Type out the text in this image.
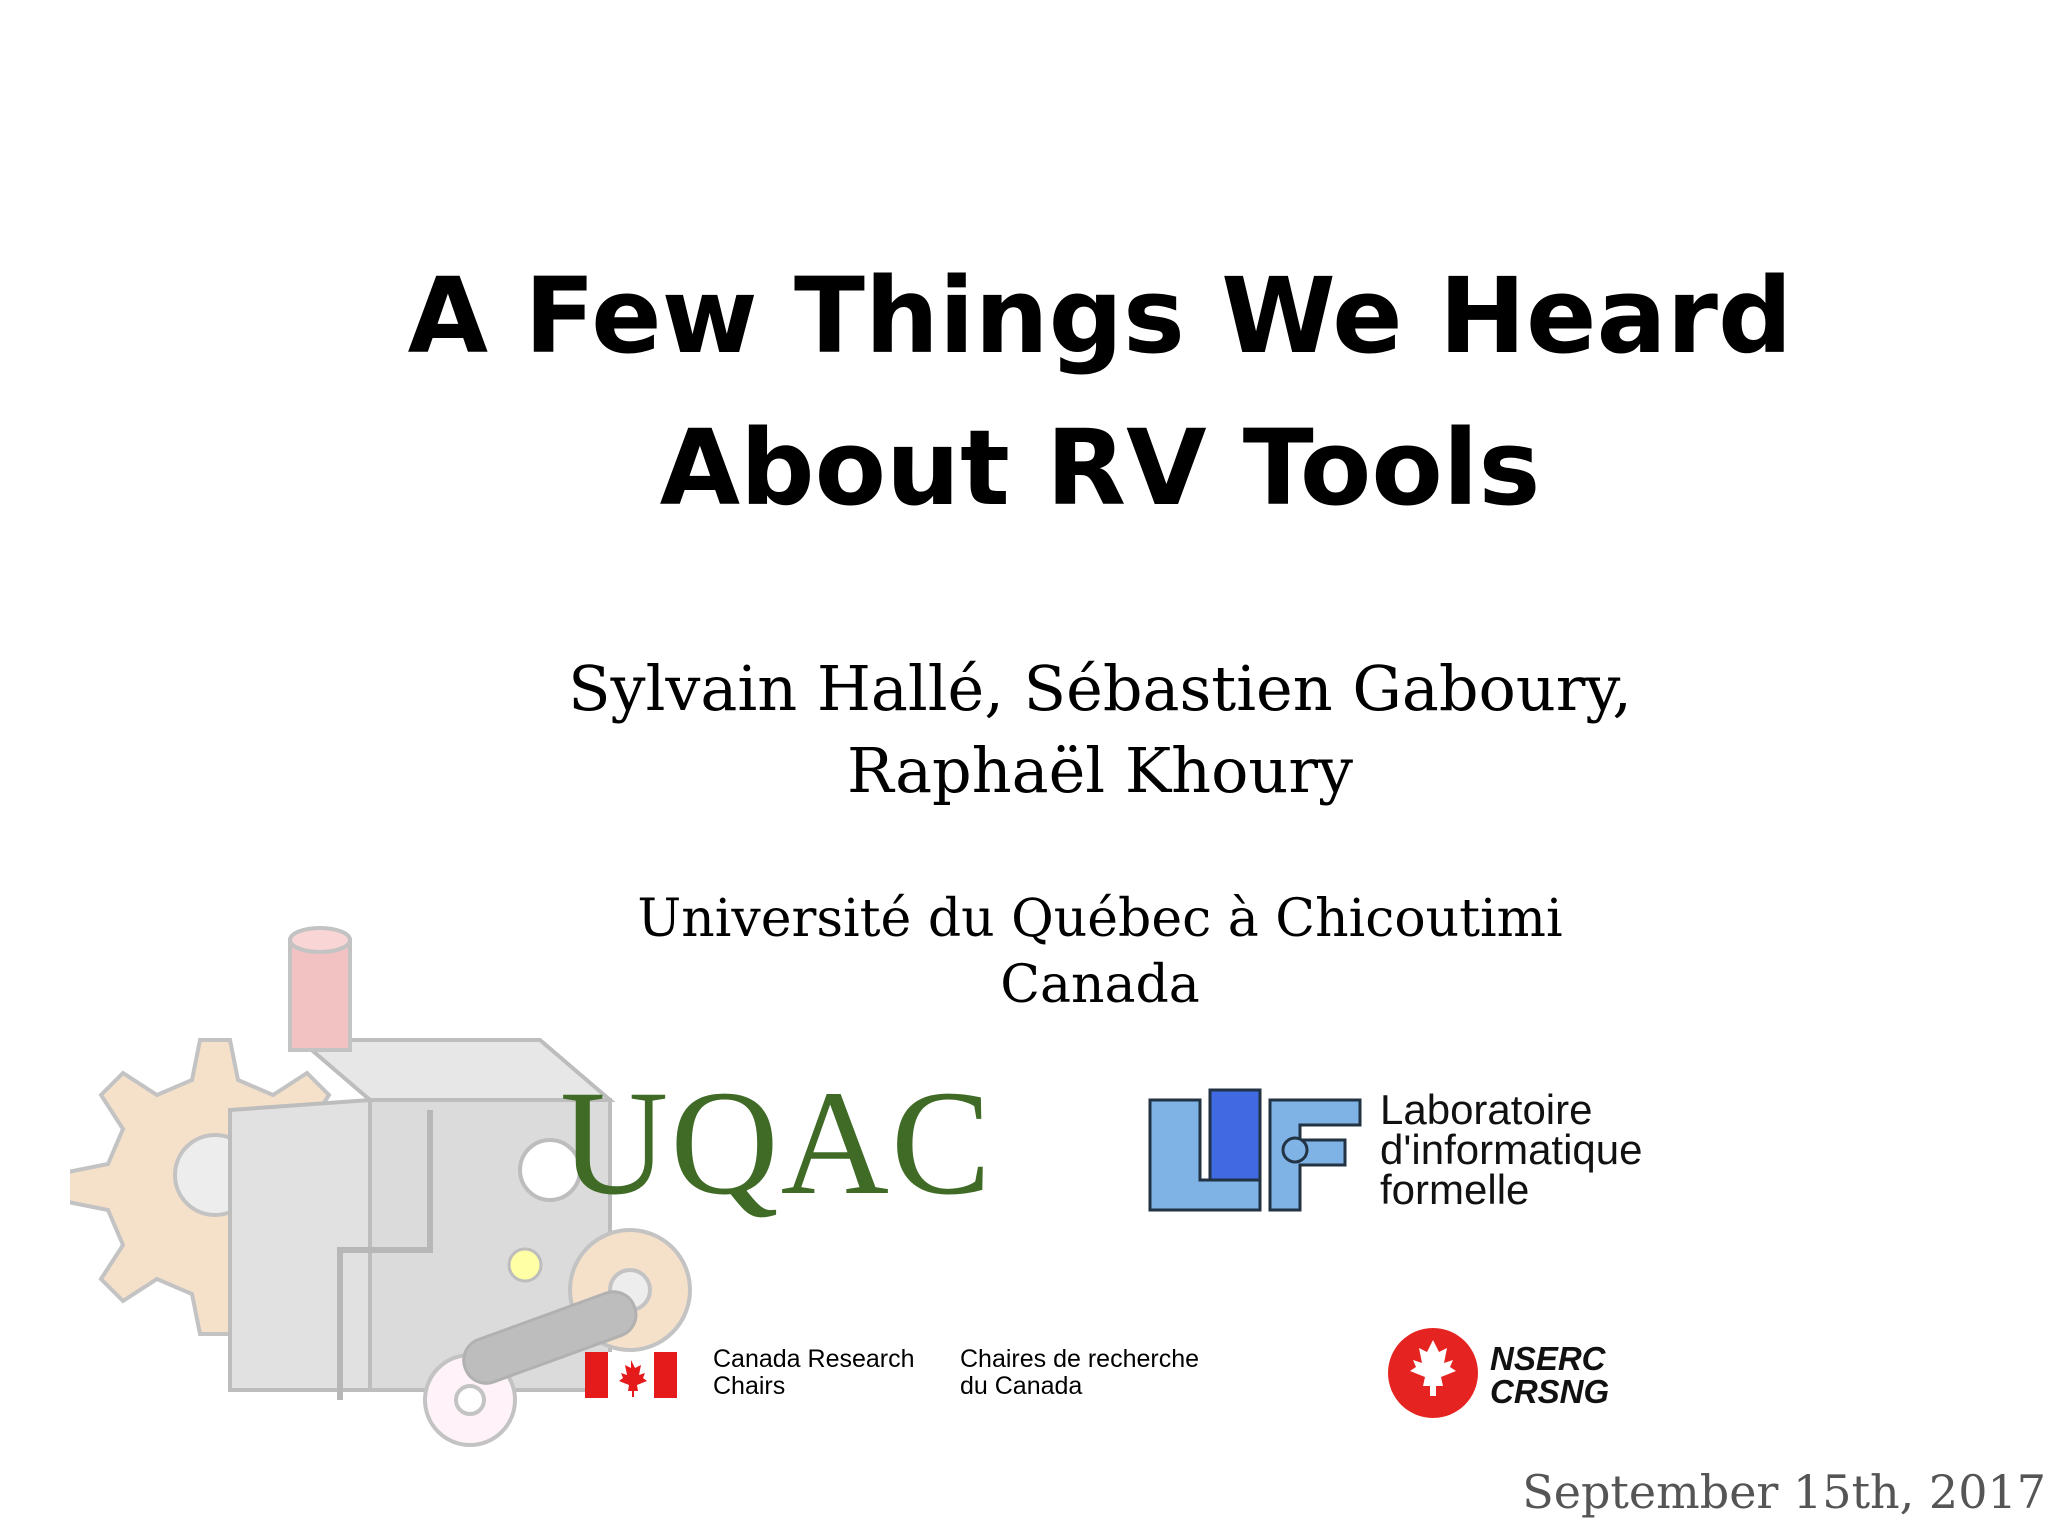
A Few Things We Heard
About RV Tools
Sylvain Hallé, Sébastien Gaboury,
Raphaël Khoury
Université du Québec à Chicoutimi
Canada
UQAC	Laboratoire
d'informatique
formelle
Canada Research
Chairs
Chaires de recherche
du Canada
NSERC
CRSNG
September 15th, 2017
